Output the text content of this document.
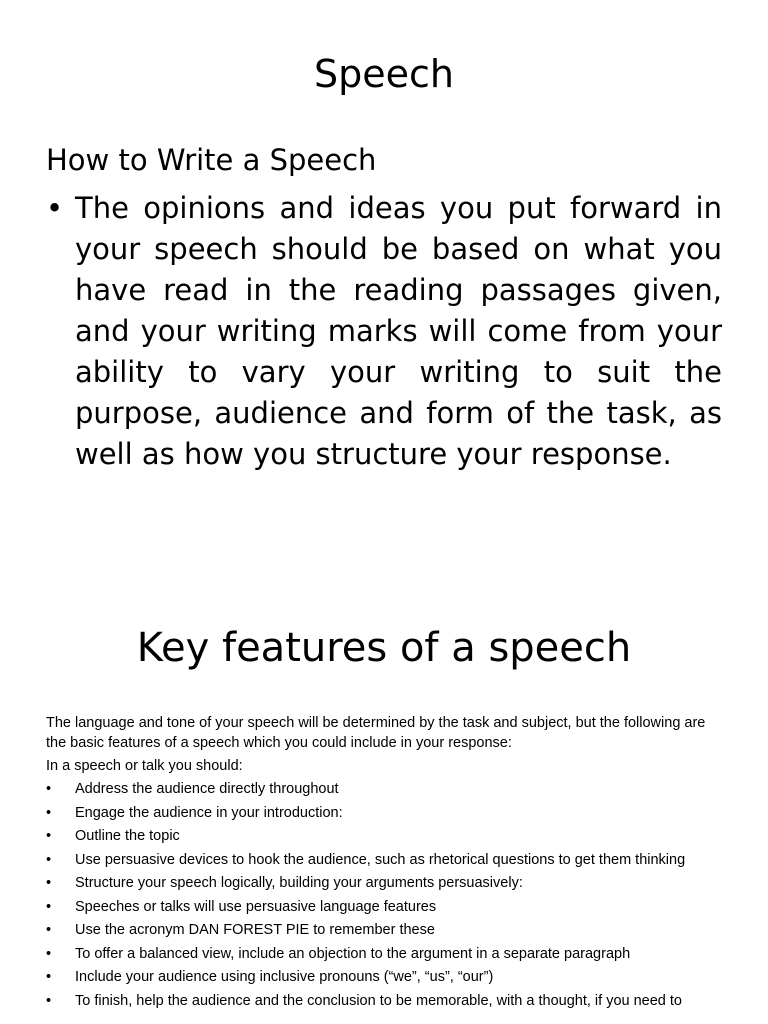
Speech
How to Write a Speech
• The opinions and ideas you put forward in your speech should be based on what you have read in the reading passages given, and your writing marks will come from your ability to vary your writing to suit the purpose, audience and form of the task, as well as how you structure your response.
Key features of a speech

The language and tone of your speech will be determined by the task and subject, but the following are the basic features of a speech which you could include in your response:

In a speech or talk you should:

•	Address the audience directly throughout
•	Engage the audience in your introduction:
•	Outline the topic
•	Use persuasive devices to hook the audience, such as rhetorical questions to get them thinking
•	Structure your speech logically, building your arguments persuasively:
•	Speeches or talks will use persuasive language features
•	Use the acronym DAN FOREST PIE to remember these
•	To offer a balanced view, include an objection to the argument in a separate paragraph
•	Include your audience using inclusive pronouns (“we”, “us”, “our”)
•	To finish, help the audience and the conclusion to be memorable, with a thought, if you need to
